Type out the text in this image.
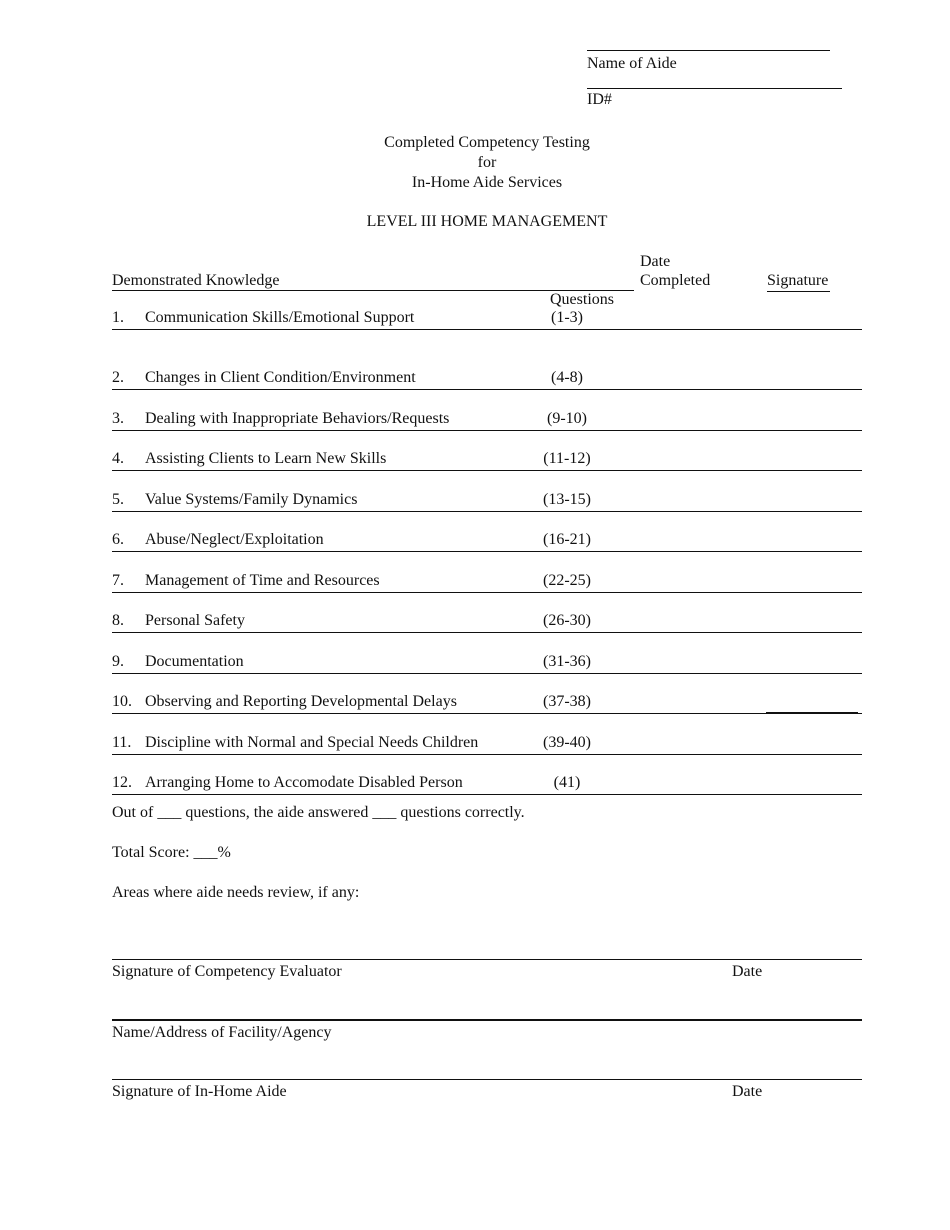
Name of Aide
ID#
Completed Competency Testing
for
In-Home Aide Services
LEVEL III HOME MANAGEMENT
Date
Demonstrated Knowledge	Completed	Signature
Questions
1.	Communication Skills/Emotional Support	(1-3)
2.	Changes in Client Condition/Environment	(4-8)
3.	Dealing with Inappropriate Behaviors/Requests	(9-10)
4.	Assisting Clients to Learn New Skills	(11-12)
5.	Value Systems/Family Dynamics	(13-15)
6.	Abuse/Neglect/Exploitation	(16-21)
7.	Management of Time and Resources	(22-25)
8.	Personal Safety	(26-30)
9.	Documentation	(31-36)
10. Observing and Reporting Developmental Delays	(37-38)
11. Discipline with Normal and Special Needs Children	(39-40)
12. Arranging Home to Accomodate Disabled Person	(41)

Out of ___ questions, the aide answered ___ questions correctly.

Total Score: ___%

Areas where aide needs review, if any:

Signature of Competency Evaluator	Date
Name/Address of Facility/Agency
Signature of In-Home Aide	Date
